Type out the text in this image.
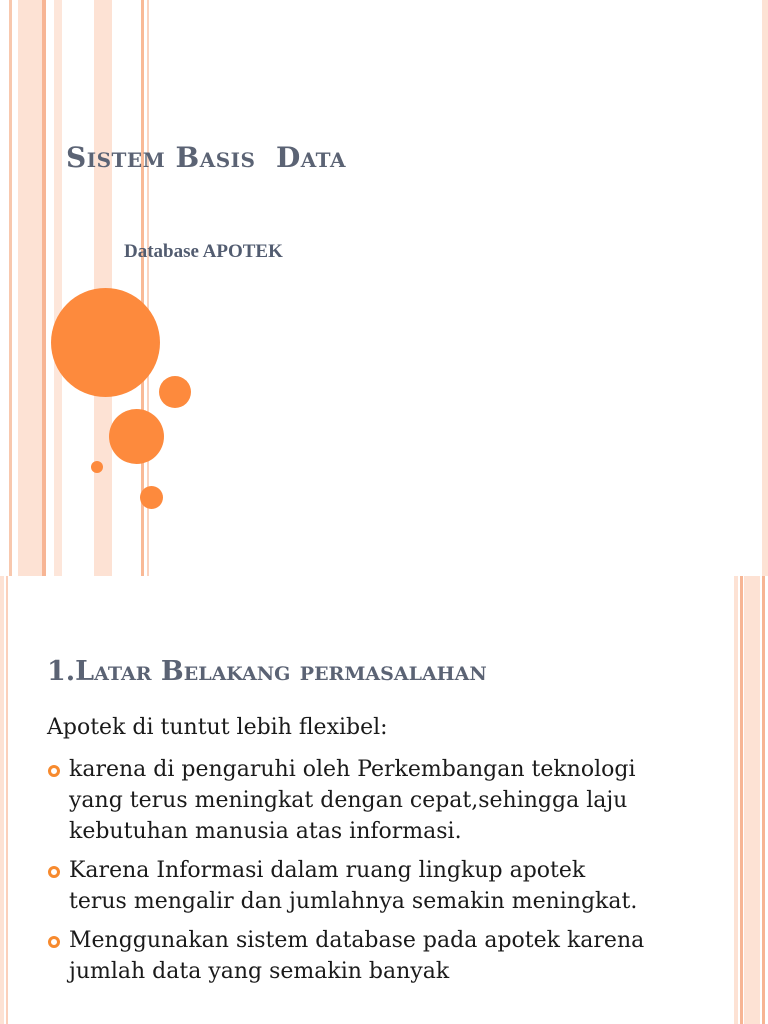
Sistem Basis  Data
Database APOTEK
1.Latar Belakang permasalahan

Apotek di tuntut lebih flexibel:

karena di pengaruhi oleh Perkembangan teknologi yang terus meningkat dengan cepat,sehingga laju kebutuhan manusia atas informasi.
Karena Informasi dalam ruang lingkup apotek terus mengalir dan jumlahnya semakin meningkat.
Menggunakan sistem database pada apotek karena jumlah data yang semakin banyak
